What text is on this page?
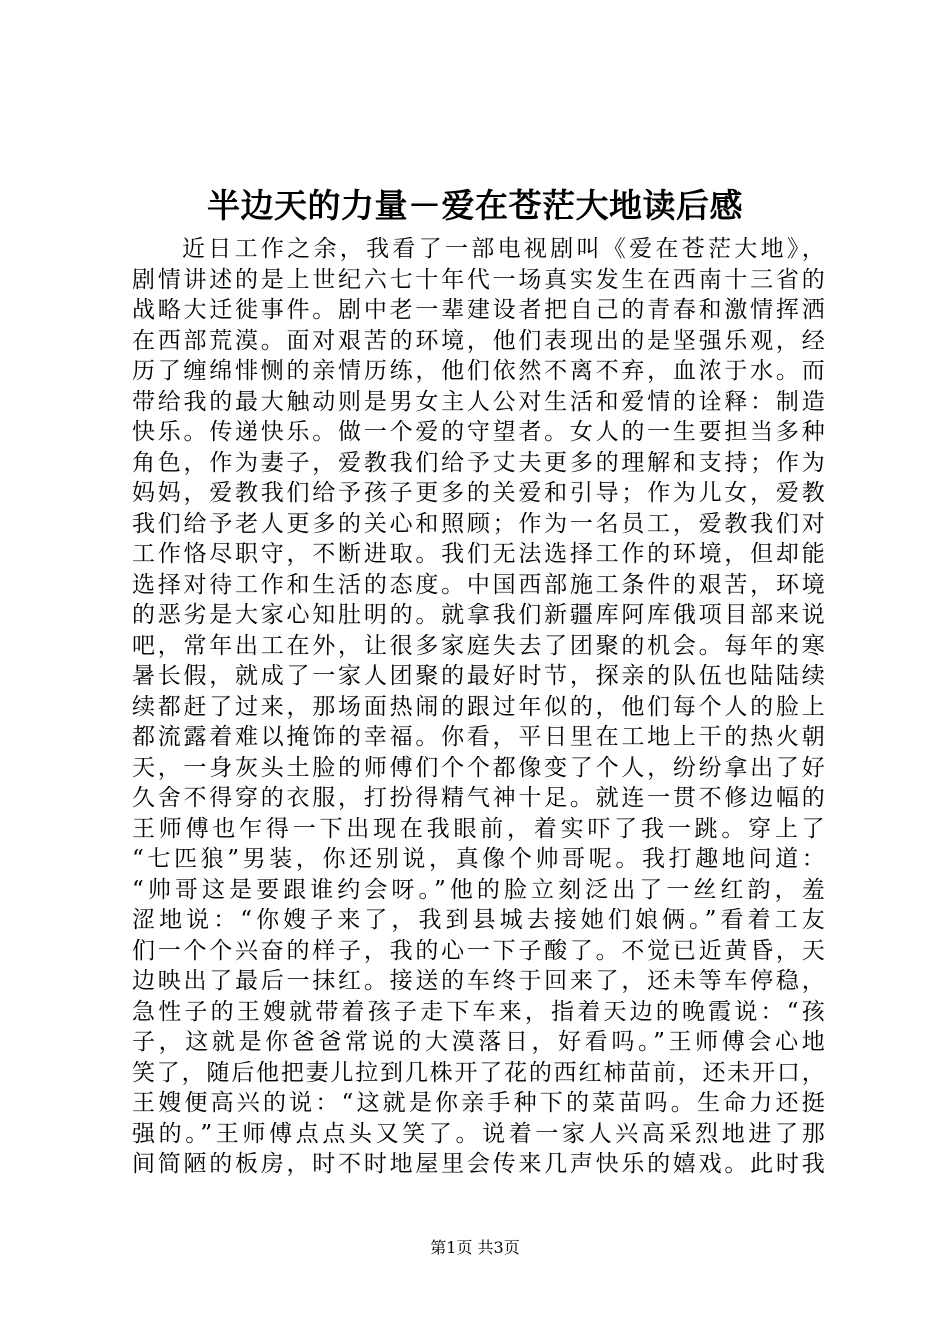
半边天的力量－爱在苍茫大地读后感
近日工作之余，我看了一部电视剧叫《爱在苍茫大地》，
剧情讲述的是上世纪六七十年代一场真实发生在西南十三省的
战略大迁徙事件。剧中老一辈建设者把自己的青春和激情挥洒
在西部荒漠。面对艰苦的环境，他们表现出的是坚强乐观，经
历了缠绵悱恻的亲情历练，他们依然不离不弃，血浓于水。而
带给我的最大触动则是男女主人公对生活和爱情的诠释：制造
快乐。传递快乐。做一个爱的守望者。女人的一生要担当多种
角色，作为妻子，爱教我们给予丈夫更多的理解和支持；作为
妈妈，爱教我们给予孩子更多的关爱和引导；作为儿女，爱教
我们给予老人更多的关心和照顾；作为一名员工，爱教我们对
工作恪尽职守，不断进取。我们无法选择工作的环境，但却能
选择对待工作和生活的态度。中国西部施工条件的艰苦，环境
的恶劣是大家心知肚明的。就拿我们新疆库阿库俄项目部来说
吧，常年出工在外，让很多家庭失去了团聚的机会。每年的寒
暑长假，就成了一家人团聚的最好时节，探亲的队伍也陆陆续
续都赶了过来，那场面热闹的跟过年似的，他们每个人的脸上
都流露着难以掩饰的幸福。你看，平日里在工地上干的热火朝
天，一身灰头土脸的师傅们个个都像变了个人，纷纷拿出了好
久舍不得穿的衣服，打扮得精气神十足。就连一贯不修边幅的
王师傅也乍得一下出现在我眼前，着实吓了我一跳。穿上了
“七匹狼”男装，你还别说，真像个帅哥呢。我打趣地问道：
“帅哥这是要跟谁约会呀。”他的脸立刻泛出了一丝红韵，羞
涩地说：“你嫂子来了，我到县城去接她们娘俩。”看着工友
们一个个兴奋的样子，我的心一下子酸了。不觉已近黄昏，天
边映出了最后一抹红。接送的车终于回来了，还未等车停稳，
急性子的王嫂就带着孩子走下车来，指着天边的晚霞说：“孩
子，这就是你爸爸常说的大漠落日，好看吗。”王师傅会心地
笑了，随后他把妻儿拉到几株开了花的西红柿苗前，还未开口，
王嫂便高兴的说：“这就是你亲手种下的菜苗吗。生命力还挺
强的。”王师傅点点头又笑了。说着一家人兴高采烈地进了那
间简陋的板房，时不时地屋里会传来几声快乐的嬉戏。此时我
第1页 共3页
